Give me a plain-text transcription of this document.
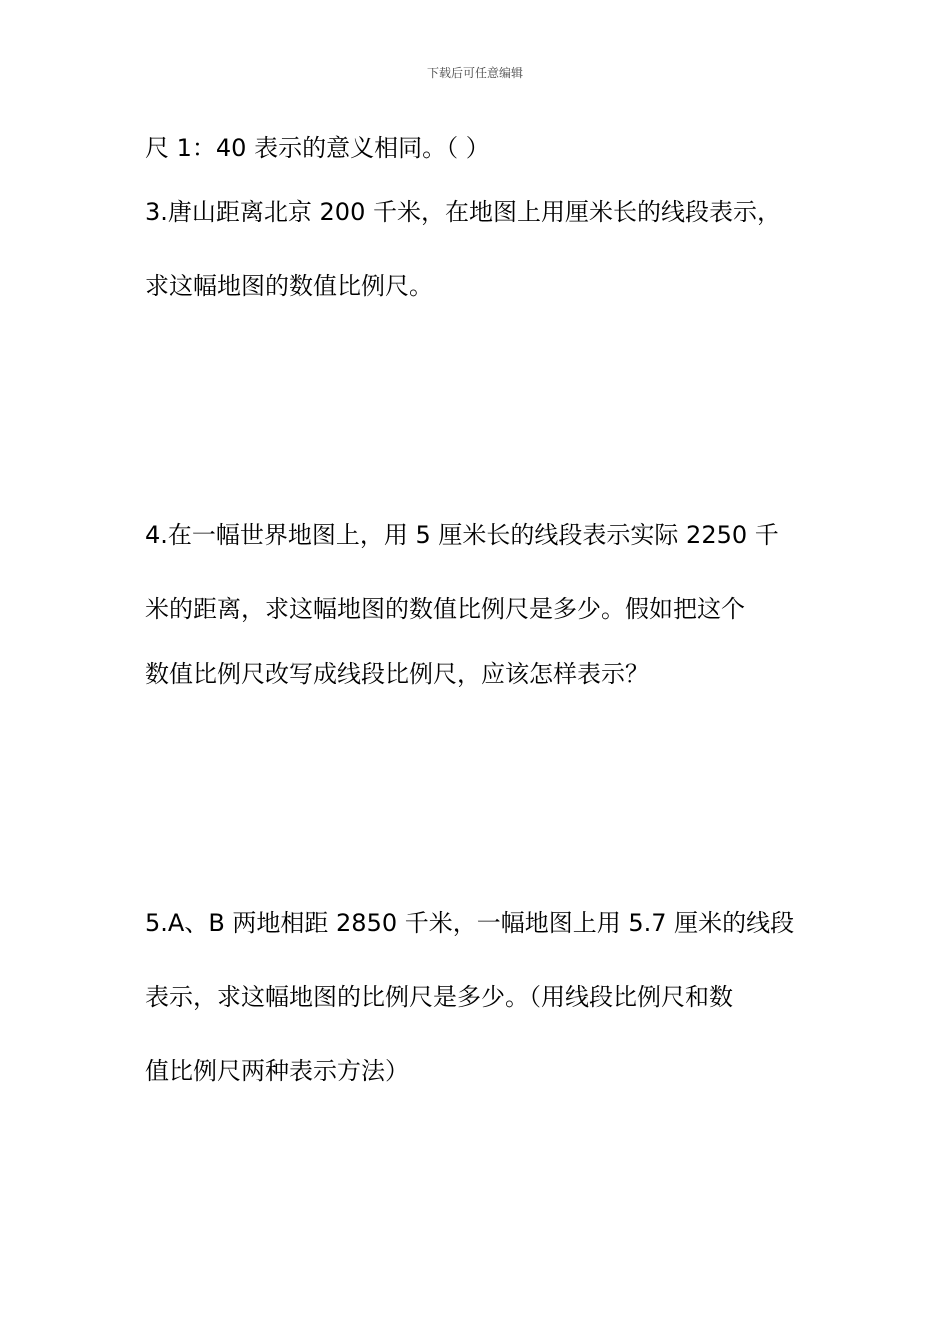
下载后可任意编辑
尺 1：40 表示的意义相同。（ ）
3.唐山距离北京 200 千米，在地图上用厘米长的线段表示，
求这幅地图的数值比例尺。
4.在一幅世界地图上，用 5 厘米长的线段表示实际 2250 千
米的距离，求这幅地图的数值比例尺是多少。假如把这个
数值比例尺改写成线段比例尺，应该怎样表示？
5.A、B 两地相距 2850 千米，一幅地图上用 5.7 厘米的线段
表示，求这幅地图的比例尺是多少。（用线段比例尺和数
值比例尺两种表示方法）
